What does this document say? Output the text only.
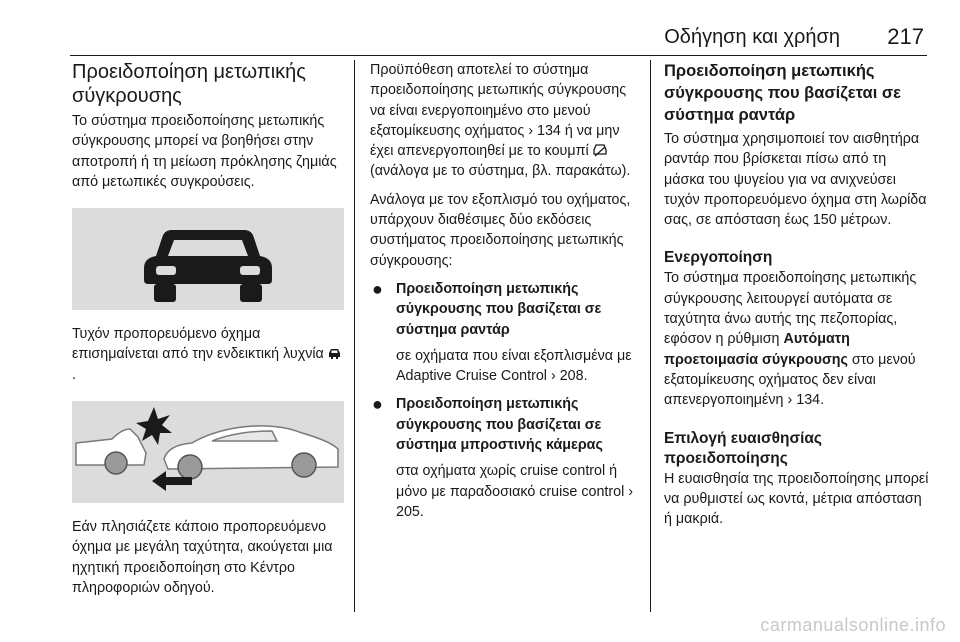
Οδήγηση και χρήση 217
Προειδοποίηση μετωπικής σύγκρουσης

Το σύστημα προειδοποίησης μετωπικής σύγκρουσης μπορεί να βοηθήσει στην αποτροπή ή τη μείωση πρόκλησης ζημιάς από μετωπικές συγκρούσεις.

Τυχόν προπορευόμενο όχημα επισημαίνεται από την ενδεικτική λυχνία .

Εάν πλησιάζετε κάποιο προπορευόμενο όχημα με μεγάλη ταχύτητα, ακούγεται μια ηχητική προειδοποίηση στο Κέντρο πληροφοριών οδηγού.

Προϋπόθεση αποτελεί το σύστημα προειδοποίησης μετωπικής σύγκρουσης να είναι ενεργοποιημένο στο μενού εξατομίκευσης οχήματος › 134 ή να μην έχει απενεργοποιηθεί με το κουμπί  (ανάλογα με το σύστημα, βλ. παρακάτω).

Ανάλογα με τον εξοπλισμό του οχήματος, υπάρχουν διαθέσιμες δύο εκδόσεις συστήματος προειδοποίησης μετωπικής σύγκρουσης:

● Προειδοποίηση μετωπικής σύγκρουσης που βασίζεται σε σύστημα ραντάρ
σε οχήματα που είναι εξοπλισμένα με Adaptive Cruise Control › 208.
● Προειδοποίηση μετωπικής σύγκρουσης που βασίζεται σε σύστημα μπροστινής κάμερας
στα οχήματα χωρίς cruise control ή μόνο με παραδοσιακό cruise control › 205.
Προειδοποίηση μετωπικής σύγκρουσης που βασίζεται σε σύστημα ραντάρ

Το σύστημα χρησιμοποιεί τον αισθητήρα ραντάρ που βρίσκεται πίσω από τη μάσκα του ψυγείου για να ανιχνεύσει τυχόν προπορευόμενο όχημα στη λωρίδα σας, σε απόσταση έως 150 μέτρων.

Ενεργοποίηση

Το σύστημα προειδοποίησης μετωπικής σύγκρουσης λειτουργεί αυτόματα σε ταχύτητα άνω αυτής της πεζοπορίας, εφόσον η ρύθμιση Αυτόματη προετοιμασία σύγκρουσης στο μενού εξατομίκευσης οχήματος δεν είναι απενεργοποιημένη › 134.

Επιλογή ευαισθησίας προειδοποίησης

Η ευαισθησία της προειδοποίησης μπορεί να ρυθμιστεί ως κοντά, μέτρια απόσταση ή μακριά.

carmanualsonline.info
